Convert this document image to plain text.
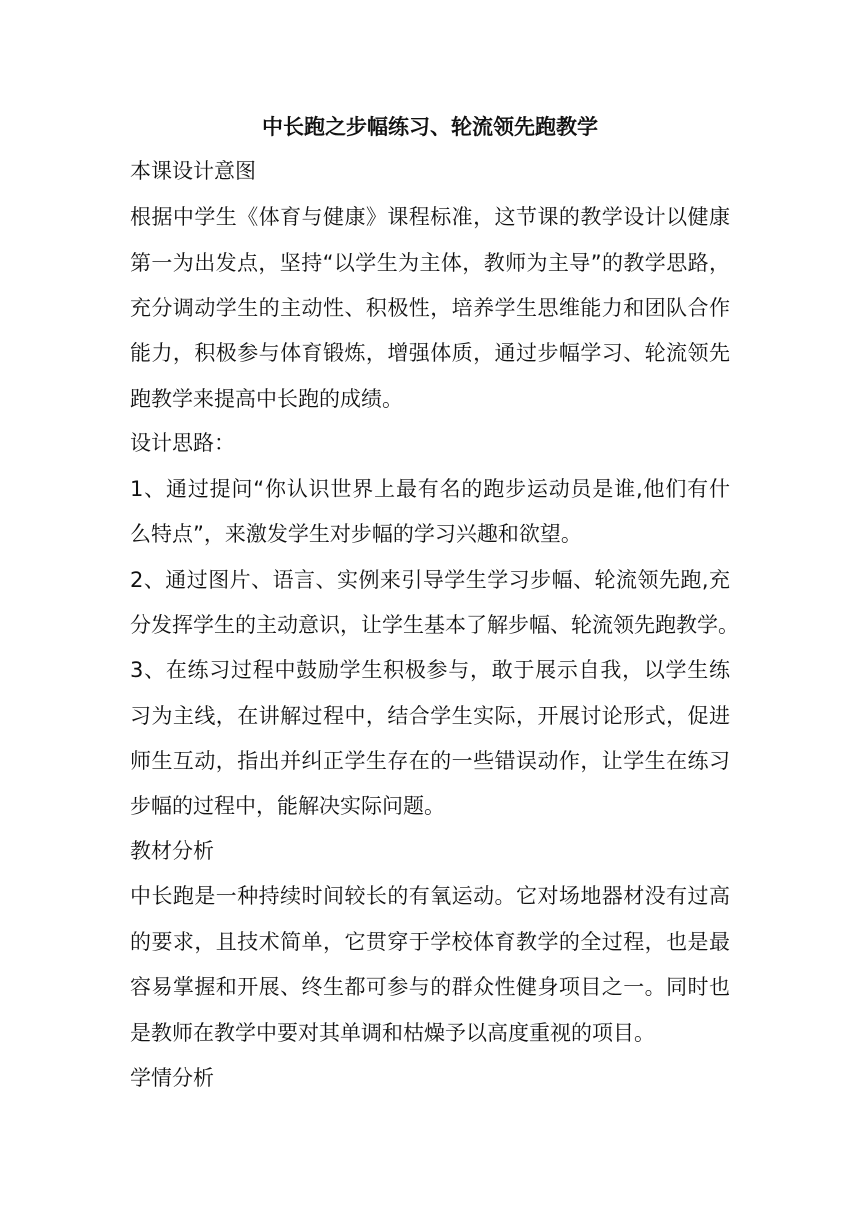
中长跑之步幅练习、轮流领先跑教学
本课设计意图
根据中学生《体育与健康》课程标准，这节课的教学设计以健康
第一为出发点，坚持“以学生为主体，教师为主导”的教学思路，
充分调动学生的主动性、积极性，培养学生思维能力和团队合作
能力，积极参与体育锻炼，增强体质，通过步幅学习、轮流领先
跑教学来提高中长跑的成绩。
设计思路：
1、通过提问“你认识世界上最有名的跑步运动员是谁,他们有什
么特点”，来激发学生对步幅的学习兴趣和欲望。
2、通过图片、语言、实例来引导学生学习步幅、轮流领先跑,充
分发挥学生的主动意识，让学生基本了解步幅、轮流领先跑教学。
3、在练习过程中鼓励学生积极参与，敢于展示自我，以学生练
习为主线，在讲解过程中，结合学生实际，开展讨论形式，促进
师生互动，指出并纠正学生存在的一些错误动作，让学生在练习
步幅的过程中，能解决实际问题。
教材分析
中长跑是一种持续时间较长的有氧运动。它对场地器材没有过高
的要求，且技术简单，它贯穿于学校体育教学的全过程，也是最
容易掌握和开展、终生都可参与的群众性健身项目之一。同时也
是教师在教学中要对其单调和枯燥予以高度重视的项目。
学情分析
